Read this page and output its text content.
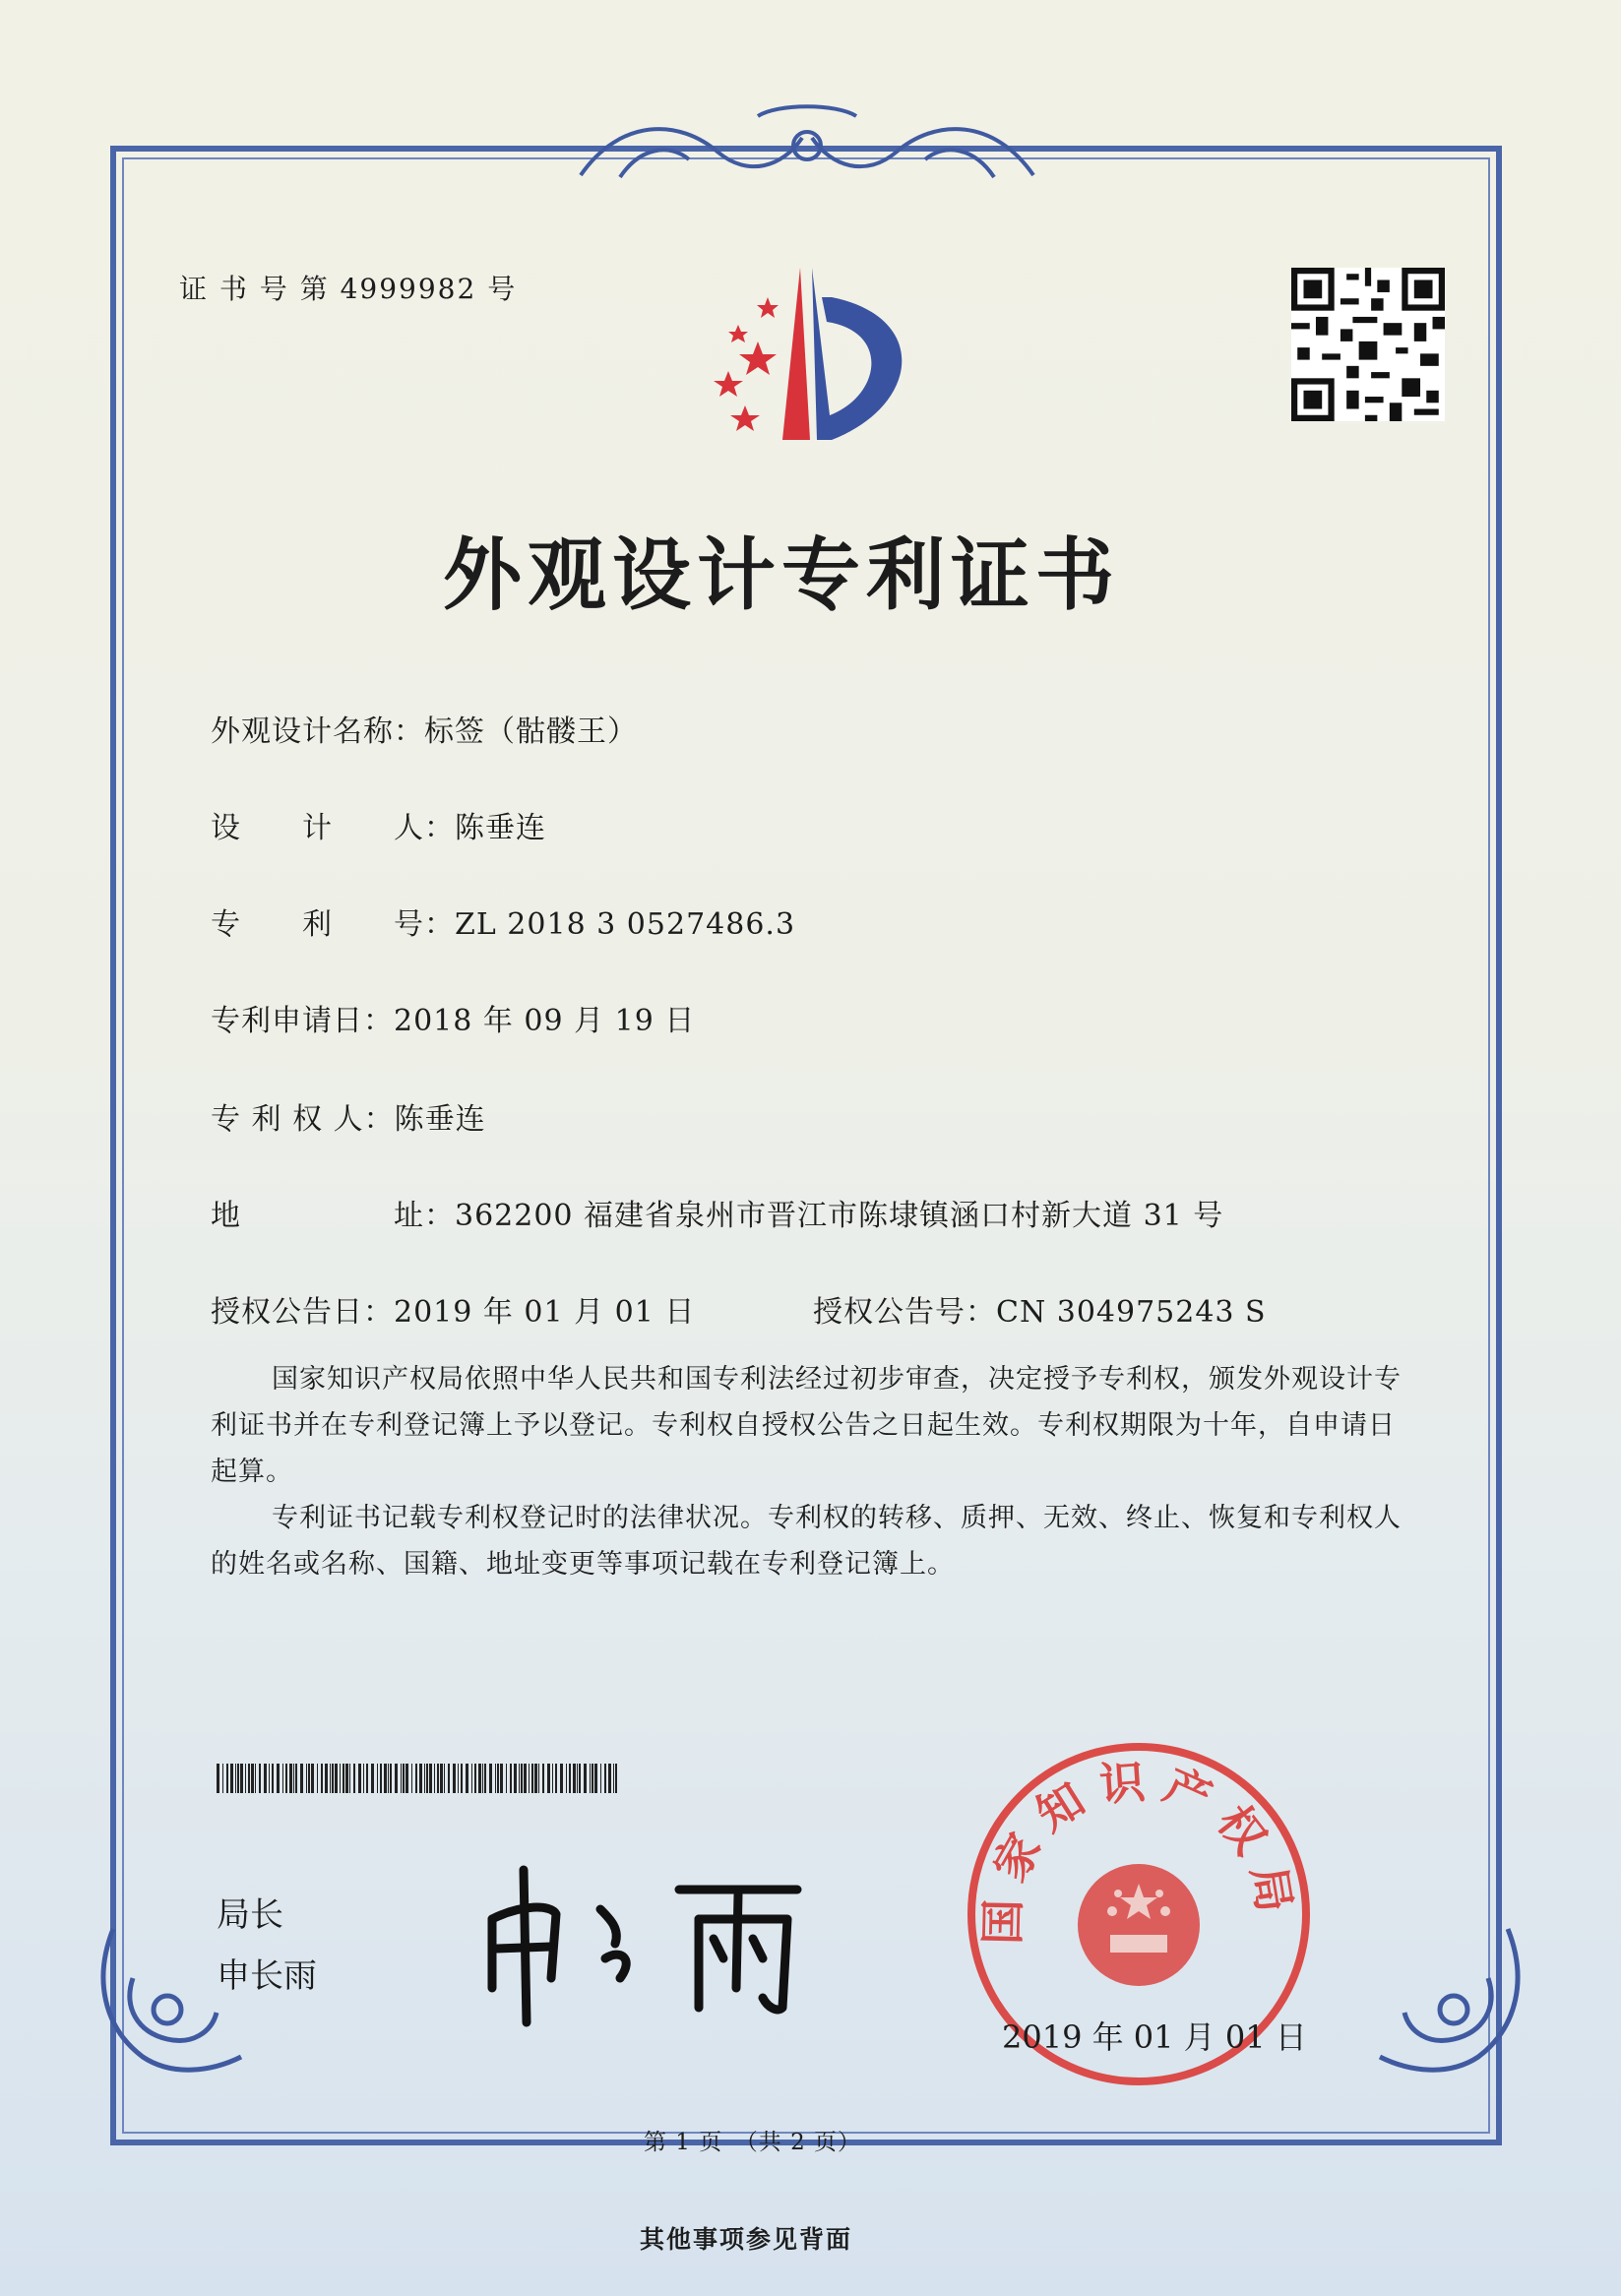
证 书 号 第 4999982 号
外观设计专利证书
外观设计名称：标签（骷髅王）
设　　计　　人：陈垂连
专　　利　　号：ZL 2018 3 0527486.3
专利申请日：2018 年 09 月 19 日
专 利 权 人：陈垂连
地　　　　　址：362200 福建省泉州市晋江市陈埭镇涵口村新大道 31 号
授权公告日：2019 年 01 月 01 日	授权公告号：CN 304975243 S

国家知识产权局依照中华人民共和国专利法经过初步审查，决定授予专利权，颁发外观设计专利证书并在专利登记簿上予以登记。专利权自授权公告之日起生效。专利权期限为十年，自申请日起算。

专利证书记载专利权登记时的法律状况。专利权的转移、质押、无效、终止、恢复和专利权人的姓名或名称、国籍、地址变更等事项记载在专利登记簿上。

局长
申长雨
国家知识产权局
2019 年 01 月 01 日
第 1 页　（共 2 页）
其他事项参见背面
